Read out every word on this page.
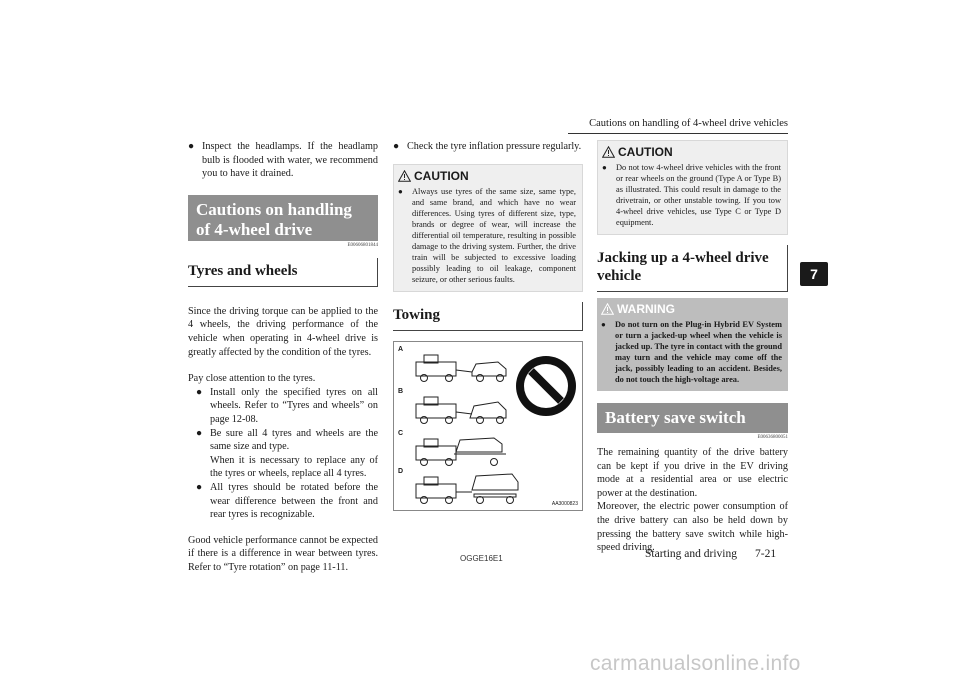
Cautions on handling of 4-wheel drive vehicles
7
● Inspect the headlamps. If the headlamp bulb is flooded with water, we recommend you to have it drained.
Cautions on handling of 4-wheel drive vehicles	E00606801844
Tyres and wheels

Since the driving torque can be applied to the 4 wheels, the driving performance of the vehicle when operating in 4-wheel drive is greatly affected by the condition of the tyres.

Pay close attention to the tyres.

● Install only the specified tyres on all wheels. Refer to “Tyres and wheels” on page 12-08.
● Be sure all 4 tyres and wheels are the same size and type.
When it is necessary to replace any of the tyres or wheels, replace all 4 tyres.
● All tyres should be rotated before the wear difference between the front and rear tyres is recognizable.

Good vehicle performance cannot be expected if there is a difference in wear between tyres. Refer to “Tyre rotation” on page 11-11.

● Check the tyre inflation pressure regularly.
CAUTION
● Always use tyres of the same size, same type, and same brand, and which have no wear differences. Using tyres of different size, type, brands or degree of wear, will increase the differential oil temperature, resulting in possible damage to the driving system. Further, the drive train will be subjected to excessive loading possibly leading to oil leakage, component seizure, or other serious faults.
Towing
A
B
C
D
AA3000823
CAUTION
● Do not tow 4-wheel drive vehicles with the front or rear wheels on the ground (Type A or Type B) as illustrated. This could result in damage to the drivetrain, or other unstable towing. If you tow 4-wheel drive vehicles, use Type C or Type D equipment.
Jacking up a 4-wheel drive vehicle
WARNING
● Do not turn on the Plug-in Hybrid EV System or turn a jacked-up wheel when the vehicle is jacked up. The tyre in contact with the ground may turn and the vehicle may come off the jack, possibly leading to an accident. Besides, do not touch the high-voltage area.
Battery save switch
E00636800051

The remaining quantity of the drive battery can be kept if you drive in the EV driving mode at a residential area or use electric power at the destination.

Moreover, the electric power consumption of the drive battery can also be held down by pressing the battery save switch while high-speed driving.

OGGE16E1	Starting and driving 7-21
carmanualsonline.info
